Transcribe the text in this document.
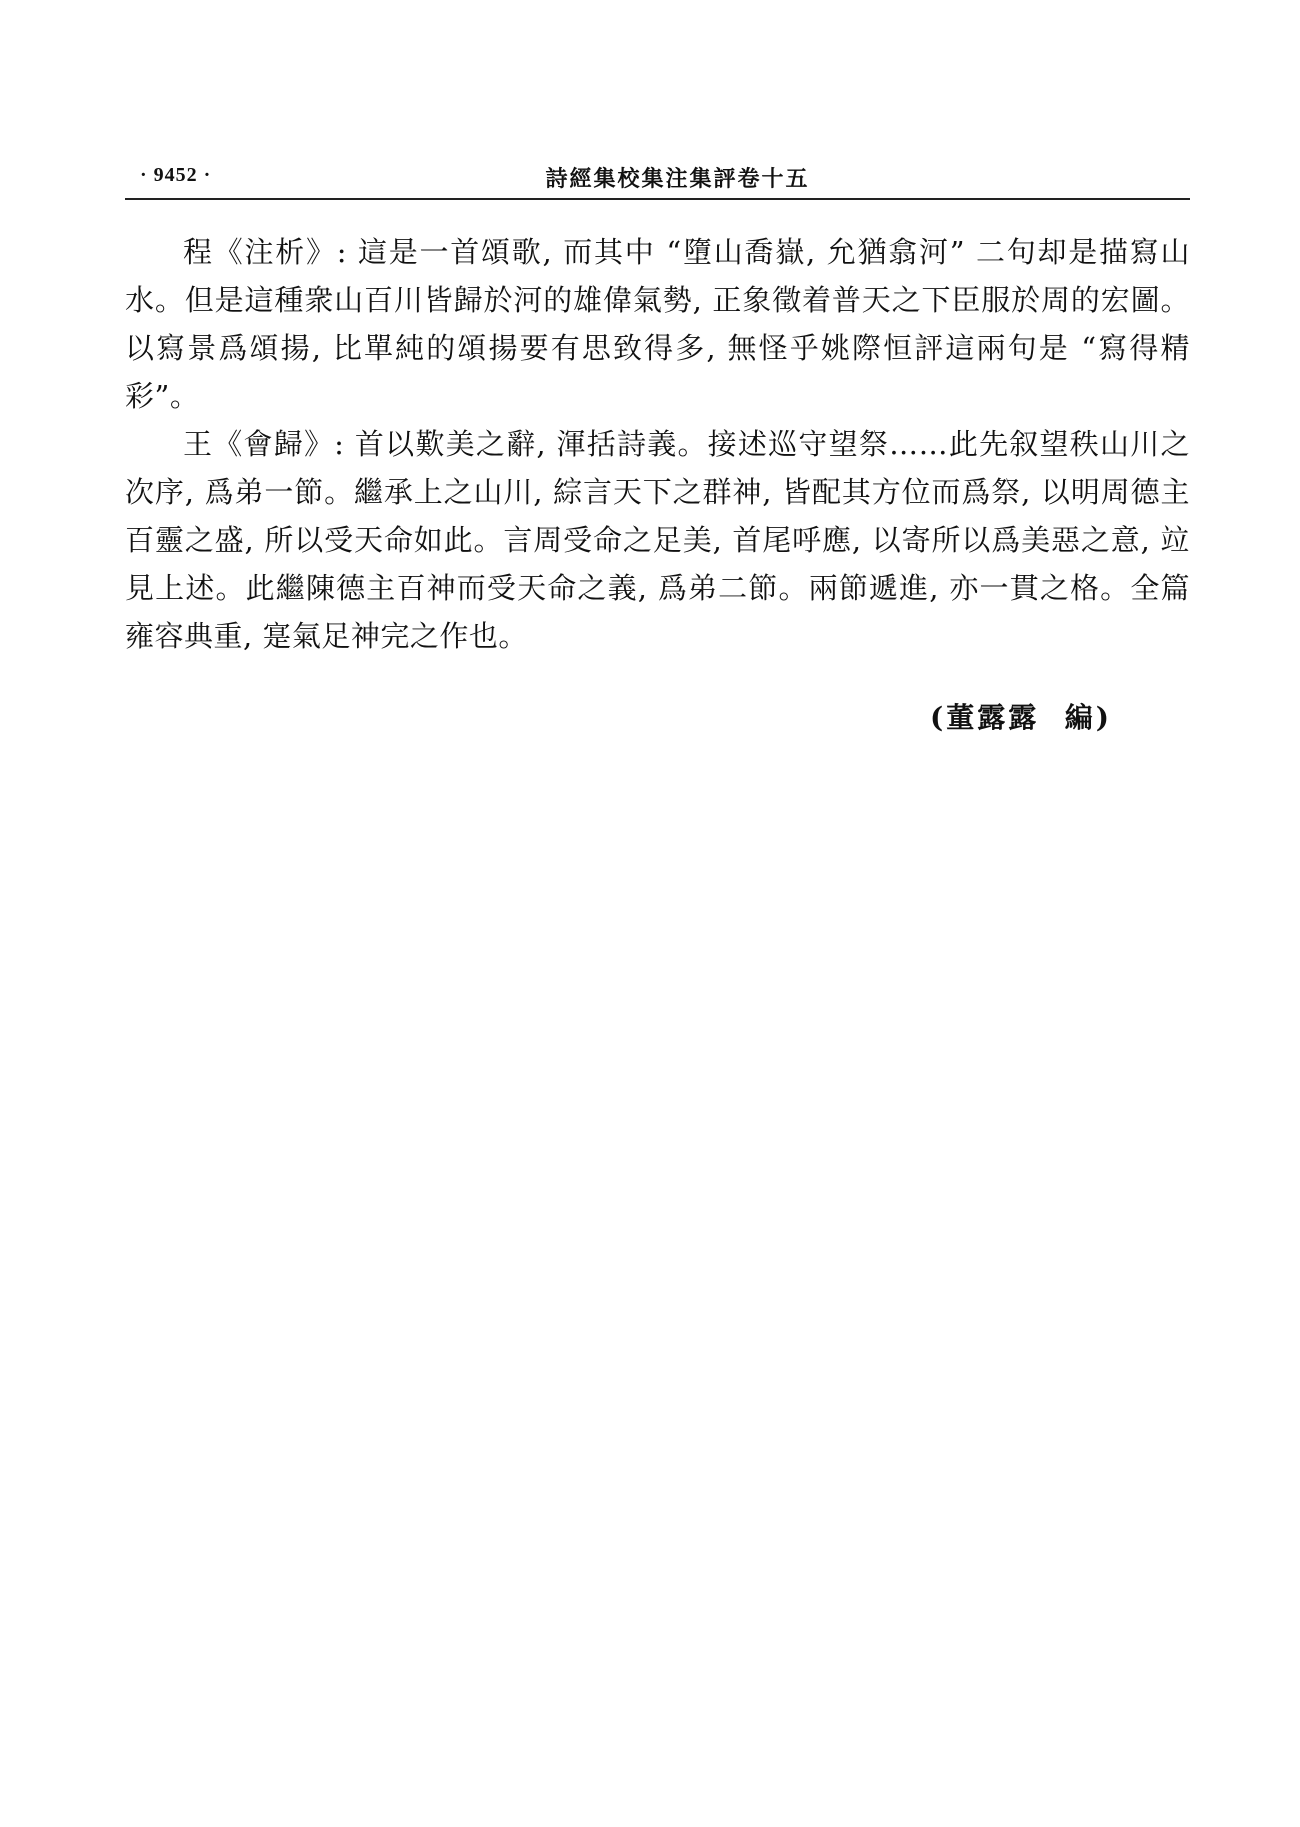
· 9452 ·	詩經集校集注集評卷十五

程《注析》: 這是一首頌歌, 而其中 “墮山喬嶽, 允猶翕河” 二句却是描寫山水。但是這種衆山百川皆歸於河的雄偉氣勢, 正象徵着普天之下臣服於周的宏圖。以寫景爲頌揚, 比單純的頌揚要有思致得多, 無怪乎姚際恒評這兩句是 “寫得精彩”。

王《會歸》: 首以歎美之辭, 渾括詩義。接述巡守望祭……此先叙望秩山川之次序, 爲弟一節。繼承上之山川, 綜言天下之群神, 皆配其方位而爲祭, 以明周德主百靈之盛, 所以受天命如此。言周受命之足美, 首尾呼應, 以寄所以爲美惡之意, 竝見上述。此繼陳德主百神而受天命之義, 爲弟二節。兩節遞進, 亦一貫之格。全篇雍容典重, 寔氣足神完之作也。

(董露露  編)
